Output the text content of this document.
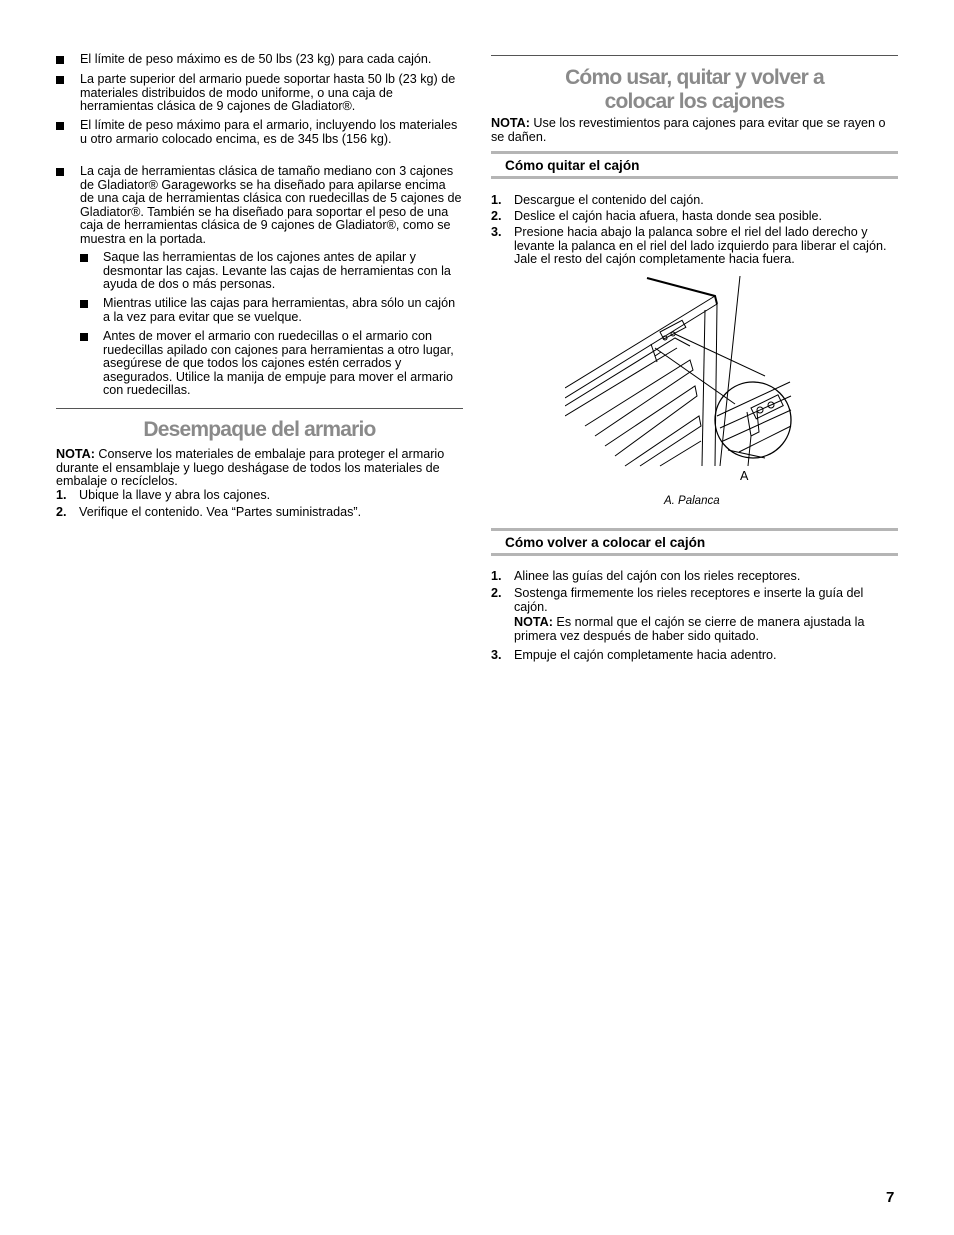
El límite de peso máximo es de 50 lbs (23 kg) para cada cajón.
La parte superior del armario puede soportar hasta 50 lb (23 kg) de materiales distribuidos de modo uniforme, o una caja de herramientas clásica de 9 cajones de Gladiator®.
El límite de peso máximo para el armario, incluyendo los materiales u otro armario colocado encima, es de 345 lbs (156 kg).
La caja de herramientas clásica de tamaño mediano con 3 cajones de Gladiator® Garageworks se ha diseñado para apilarse encima de una caja de herramientas clásica con ruedecillas de 5 cajones de Gladiator®. También se ha diseñado para soportar el peso de una caja de herramientas clásica de 9 cajones de Gladiator®, como se muestra en la portada.
Saque las herramientas de los cajones antes de apilar y desmontar las cajas. Levante las cajas de herramientas con la ayuda de dos o más personas.
Mientras utilice las cajas para herramientas, abra sólo un cajón a la vez para evitar que se vuelque.
Antes de mover el armario con ruedecillas o el armario con ruedecillas apilado con cajones para herramientas a otro lugar, asegúrese de que todos los cajones estén cerrados y asegurados. Utilice la manija de empuje para mover el armario con ruedecillas.
Desempaque del armario
NOTA: Conserve los materiales de embalaje para proteger el armario durante el ensamblaje y luego deshágase de todos los materiales de embalaje o recíclelos.
1. Ubique la llave y abra los cajones.
2. Verifique el contenido. Vea “Partes suministradas”.
Cómo usar, quitar y volver a
colocar los cajones
NOTA: Use los revestimientos para cajones para evitar que se rayen o se dañen.
Cómo quitar el cajón
1. Descargue el contenido del cajón.
2. Deslice el cajón hacia afuera, hasta donde sea posible.
3. Presione hacia abajo la palanca sobre el riel del lado derecho y levante la palanca en el riel del lado izquierdo para liberar el cajón. Jale el resto del cajón completamente hacia fuera.
A
A. Palanca
Cómo volver a colocar el cajón
1. Alinee las guías del cajón con los rieles receptores.
2. Sostenga firmemente los rieles receptores e inserte la guía del cajón.
NOTA: Es normal que el cajón se cierre de manera ajustada la primera vez después de haber sido quitado.
3. Empuje el cajón completamente hacia adentro.
7
